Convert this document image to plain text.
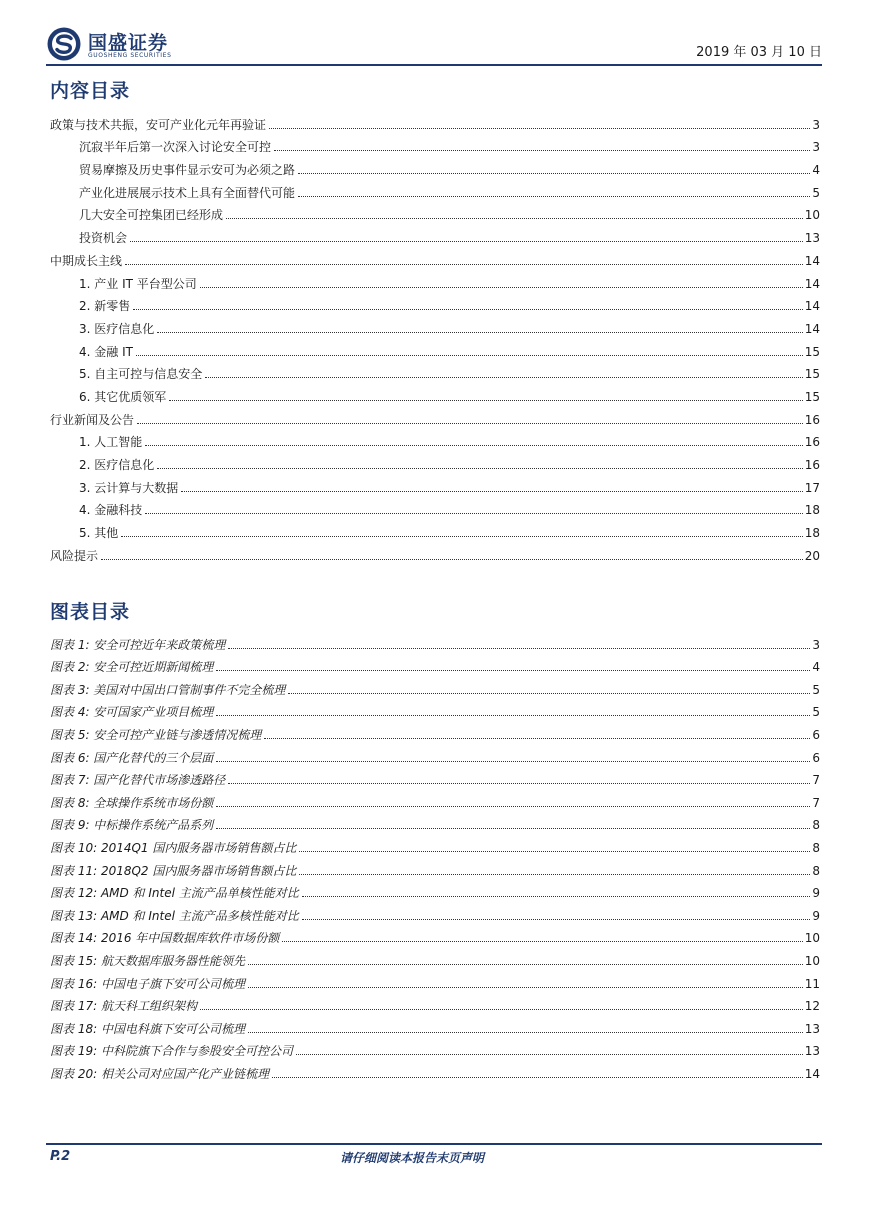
国盛证券
GUOSHENG SECURITIES	2019 年 03 月 10 日
内容目录
政策与技术共振，安可产业化元年再验证	3
沉寂半年后第一次深入讨论安全可控	3
贸易摩擦及历史事件显示安可为必须之路	4
产业化进展展示技术上具有全面替代可能	5
几大安全可控集团已经形成	10
投资机会	13
中期成长主线	14
1. 产业 IT 平台型公司	14
2. 新零售	14
3. 医疗信息化	14
4. 金融 IT	15
5. 自主可控与信息安全	15
6. 其它优质领军	15
行业新闻及公告	16
1. 人工智能	16
2. 医疗信息化	16
3. 云计算与大数据	17
4. 金融科技	18
5. 其他	18
风险提示	20
图表目录
图表 1: 安全可控近年来政策梳理	3
图表 2: 安全可控近期新闻梳理	4
图表 3: 美国对中国出口管制事件不完全梳理	5
图表 4: 安可国家产业项目梳理	5
图表 5: 安全可控产业链与渗透情况梳理	6
图表 6: 国产化替代的三个层面	6
图表 7: 国产化替代市场渗透路径	7
图表 8: 全球操作系统市场份额	7
图表 9: 中标操作系统产品系列	8
图表 10: 2014Q1 国内服务器市场销售额占比	8
图表 11: 2018Q2 国内服务器市场销售额占比	8
图表 12: AMD 和 Intel 主流产品单核性能对比	9
图表 13: AMD 和 Intel 主流产品多核性能对比	9
图表 14: 2016 年中国数据库软件市场份额	10
图表 15: 航天数据库服务器性能领先	10
图表 16: 中国电子旗下安可公司梳理	11
图表 17: 航天科工组织架构	12
图表 18: 中国电科旗下安可公司梳理	13
图表 19: 中科院旗下合作与参股安全可控公司	13
图表 20: 相关公司对应国产化产业链梳理	14
P.2	请仔细阅读本报告末页声明
